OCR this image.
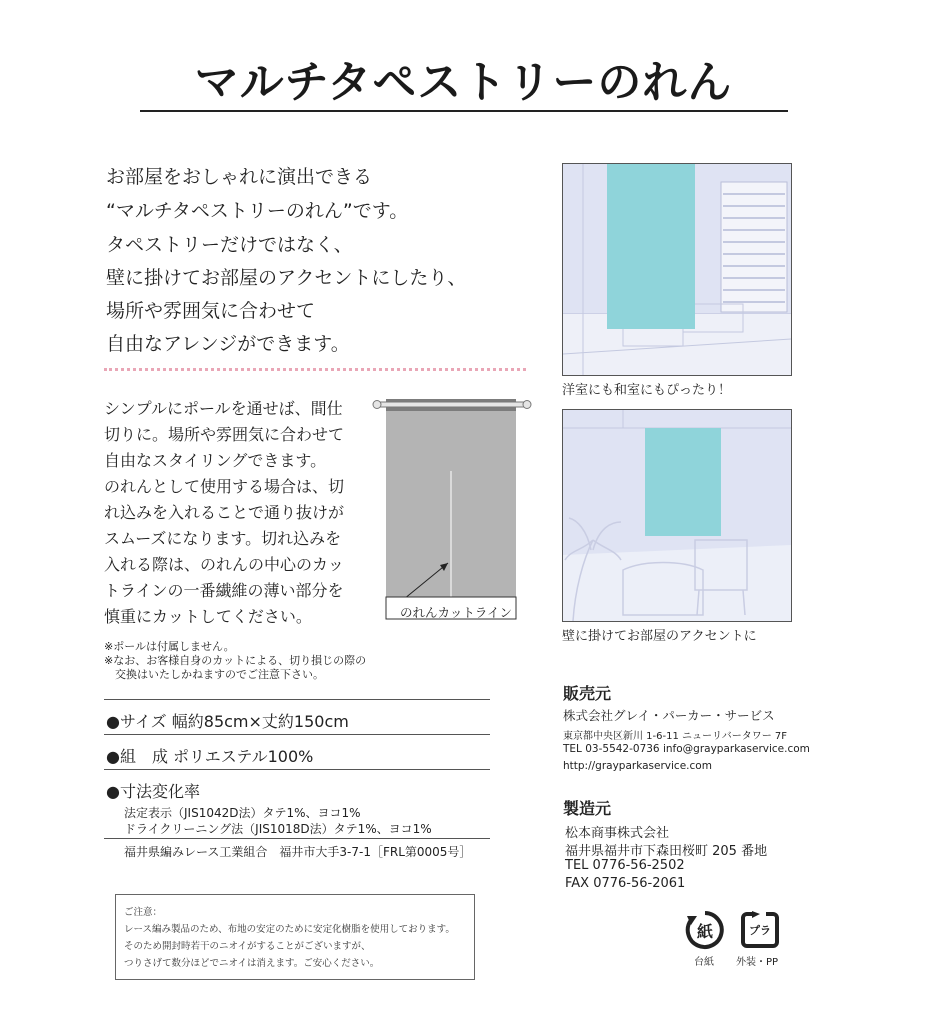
マルチタペストリーのれん
お部屋をおしゃれに演出できる
“マルチタペストリーのれん”です。
タペストリーだけではなく、
壁に掛けてお部屋のアクセントにしたり、
場所や雰囲気に合わせて
自由なアレンジができます。
シンプルにポールを通せば、間仕
切りに。場所や雰囲気に合わせて
自由なスタイリングできます。
のれんとして使用する場合は、切
れ込みを入れることで通り抜けが
スムーズになります。切れ込みを
入れる際は、のれんの中心のカッ
トラインの一番繊維の薄い部分を
慎重にカットしてください。	のれんカットライン
※ポールは付属しません。
※なお、お客様自身のカットによる、切り損じの際の
　交換はいたしかねますのでご注意下さい。
●サイズ 幅約85cm×丈約150cm
●組　成 ポリエステル100%
●寸法変化率
法定表示（JIS1042D法）タテ1%、ヨコ1%
ドライクリーニング法（JIS1018D法）タテ1%、ヨコ1%
福井県編みレース工業組合　福井市大手3-7-1［FRL第0005号］
ご注意：
レース編み製品のため、布地の安定のために安定化樹脂を使用しております。
そのため開封時若干のニオイがすることがございますが、
つりさげて数分ほどでニオイは消えます。ご安心ください。
洋室にも和室にもぴったり！
壁に掛けてお部屋のアクセントに
販売元
株式会社グレイ・パーカー・サービス
東京都中央区新川 1-6-11 ニューリバータワー 7F
TEL 03-5542-0736 info@grayparkaservice.com
http://grayparkaservice.com
製造元
松本商事株式会社
福井県福井市下森田桜町 205 番地
TEL 0776-56-2502
FAX 0776-56-2061
紙
台紙
プラ
外装・PP
